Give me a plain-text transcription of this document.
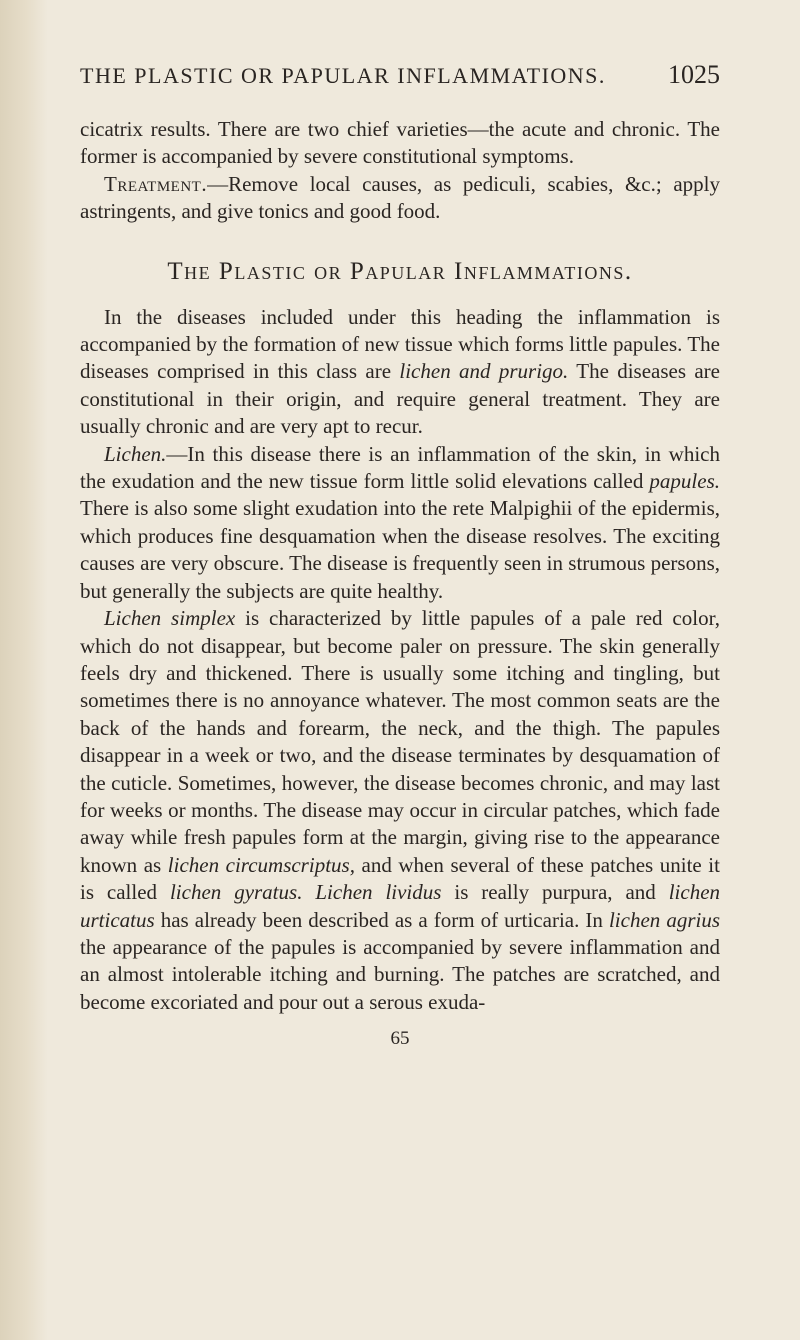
THE PLASTIC OR PAPULAR INFLAMMATIONS. 1025

cicatrix results. There are two chief varieties—the acute and chronic. The former is accompanied by severe constitutional symptoms.

Treatment.—Remove local causes, as pediculi, scabies, &c.; apply astringents, and give tonics and good food.

The Plastic or Papular Inflammations.

In the diseases included under this heading the inflammation is accompanied by the formation of new tissue which forms little papules. The diseases comprised in this class are lichen and prurigo. The diseases are constitutional in their origin, and require general treatment. They are usually chronic and are very apt to recur.

Lichen.—In this disease there is an inflammation of the skin, in which the exudation and the new tissue form little solid elevations called papules. There is also some slight exudation into the rete Malpighii of the epidermis, which produces fine desquamation when the disease resolves. The exciting causes are very obscure. The disease is frequently seen in strumous persons, but generally the subjects are quite healthy.

Lichen simplex is characterized by little papules of a pale red color, which do not disappear, but become paler on pressure. The skin generally feels dry and thickened. There is usually some itching and tingling, but sometimes there is no annoyance whatever. The most common seats are the back of the hands and forearm, the neck, and the thigh. The papules disappear in a week or two, and the disease terminates by desquamation of the cuticle. Sometimes, however, the disease becomes chronic, and may last for weeks or months. The disease may occur in circular patches, which fade away while fresh papules form at the margin, giving rise to the appearance known as lichen circumscriptus, and when several of these patches unite it is called lichen gyratus. Lichen lividus is really purpura, and lichen urticatus has already been described as a form of urticaria. In lichen agrius the appearance of the papules is accompanied by severe inflammation and an almost intolerable itching and burning. The patches are scratched, and become excoriated and pour out a serous exuda-

65
